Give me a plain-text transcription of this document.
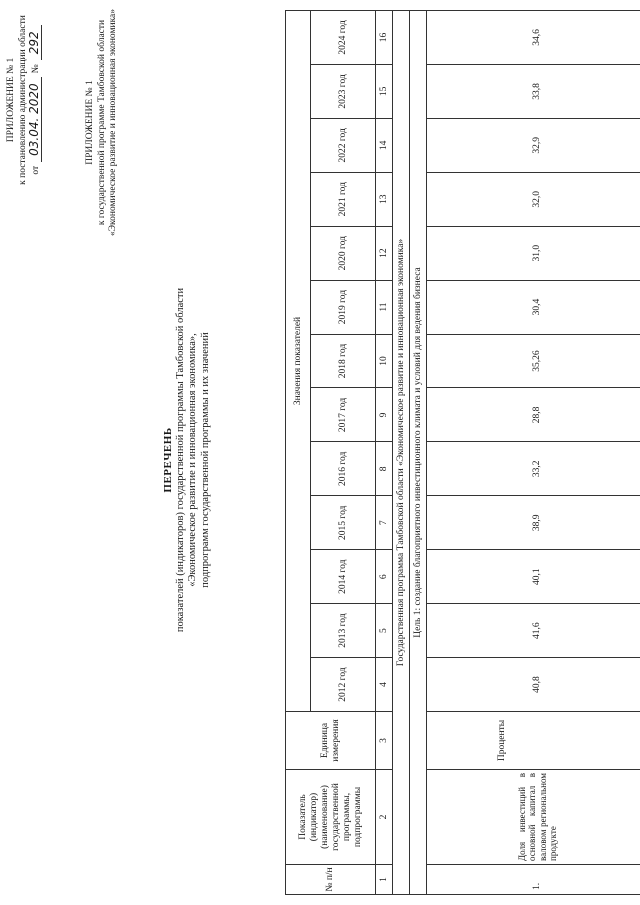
ПРИЛОЖЕНИЕ № 1 к постановлению администрации области от
03.04. 2020
№
292
ПРИЛОЖЕНИЕ № 1 к государственной программе Тамбовской области «Экономическое развитие и инновационная экономика»
ПЕРЕЧЕНЬ показателей (индикаторов) государственной программы Тамбовской области «Экономическое развитие и инновационная экономика», подпрограмм государственной программы и их значений
№ п/н	Показатель (индикатор) (наименование) государственной программы, подпрограммы	Единица измерения	Значения показателей												
			2012 год	2013 год	2014 год	2015 год	2016 год	2017 год	2018 год	2019 год	2020 год	2021 год	2022 год	2023 год	2024 год
1	2	3	4	5	6	7	8	9	10	11	12	13	14	15	16
Государственная программа Тамбовской области «Экономическое развитие и инновационная экономика»															
Цель 1: создание благоприятного инвестиционного климата и условий для ведения бизнеса															
1.	Доля инвестиций в основной капитал в валовом региональном продукте	Проценты	40,8	41,6	40,1	38,9	33,2	28,8	35,26	30,4	31,0	32,0	32,9	33,8	34,6
